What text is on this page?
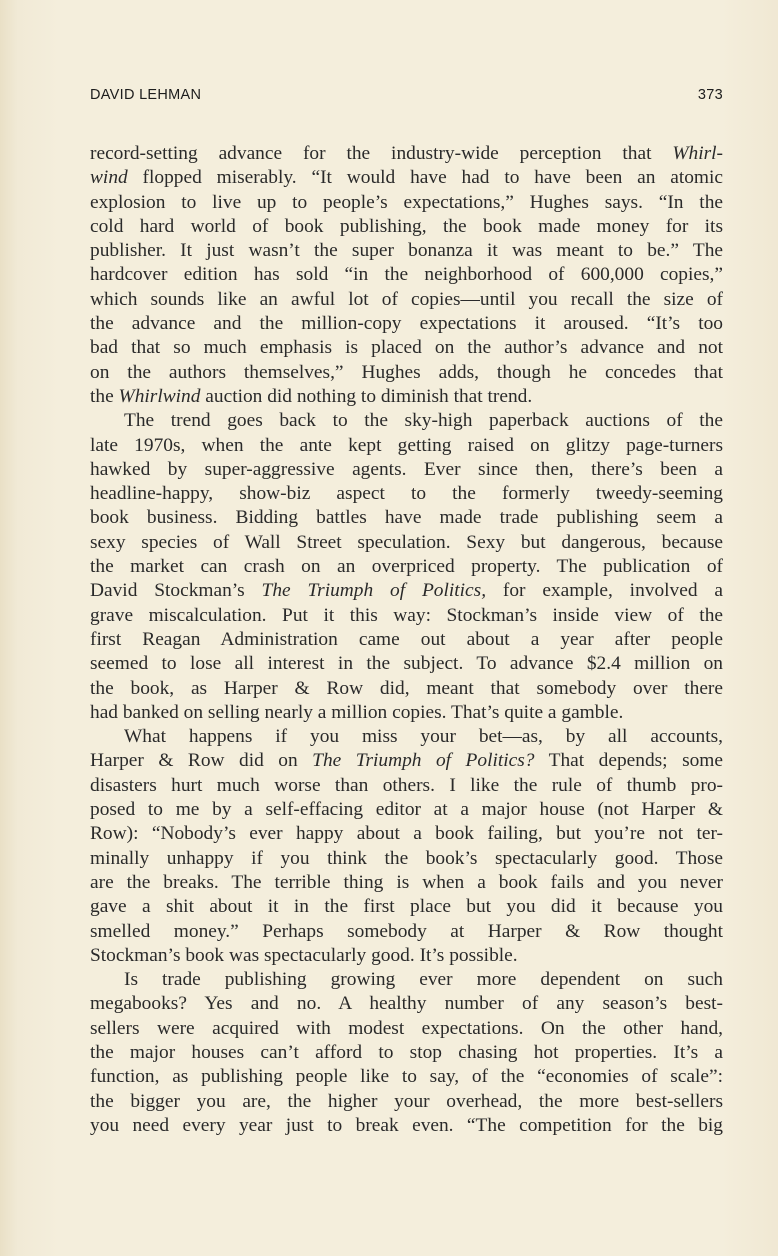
DAVID LEHMAN	373
record-setting advance for the industry-wide perception that Whirl-
wind flopped miserably. “It would have had to have been an atomic
explosion to live up to people’s expectations,” Hughes says. “In the
cold hard world of book publishing, the book made money for its
publisher. It just wasn’t the super bonanza it was meant to be.” The
hardcover edition has sold “in the neighborhood of 600,000 copies,”
which sounds like an awful lot of copies—until you recall the size of
the advance and the million-copy expectations it aroused. “It’s too
bad that so much emphasis is placed on the author’s advance and not
on the authors themselves,” Hughes adds, though he concedes that
the Whirlwind auction did nothing to diminish that trend.
The trend goes back to the sky-high paperback auctions of the
late 1970s, when the ante kept getting raised on glitzy page-turners
hawked by super-aggressive agents. Ever since then, there’s been a
headline-happy, show-biz aspect to the formerly tweedy-seeming
book business. Bidding battles have made trade publishing seem a
sexy species of Wall Street speculation. Sexy but dangerous, because
the market can crash on an overpriced property. The publication of
David Stockman’s The Triumph of Politics, for example, involved a
grave miscalculation. Put it this way: Stockman’s inside view of the
first Reagan Administration came out about a year after people
seemed to lose all interest in the subject. To advance $2.4 million on
the book, as Harper & Row did, meant that somebody over there
had banked on selling nearly a million copies. That’s quite a gamble.
What happens if you miss your bet—as, by all accounts,
Harper & Row did on The Triumph of Politics? That depends; some
disasters hurt much worse than others. I like the rule of thumb pro-
posed to me by a self-effacing editor at a major house (not Harper &
Row): “Nobody’s ever happy about a book failing, but you’re not ter-
minally unhappy if you think the book’s spectacularly good. Those
are the breaks. The terrible thing is when a book fails and you never
gave a shit about it in the first place but you did it because you
smelled money.” Perhaps somebody at Harper & Row thought
Stockman’s book was spectacularly good. It’s possible.
Is trade publishing growing ever more dependent on such
megabooks? Yes and no. A healthy number of any season’s best-
sellers were acquired with modest expectations. On the other hand,
the major houses can’t afford to stop chasing hot properties. It’s a
function, as publishing people like to say, of the “economies of scale”:
the bigger you are, the higher your overhead, the more best-sellers
you need every year just to break even. “The competition for the big
